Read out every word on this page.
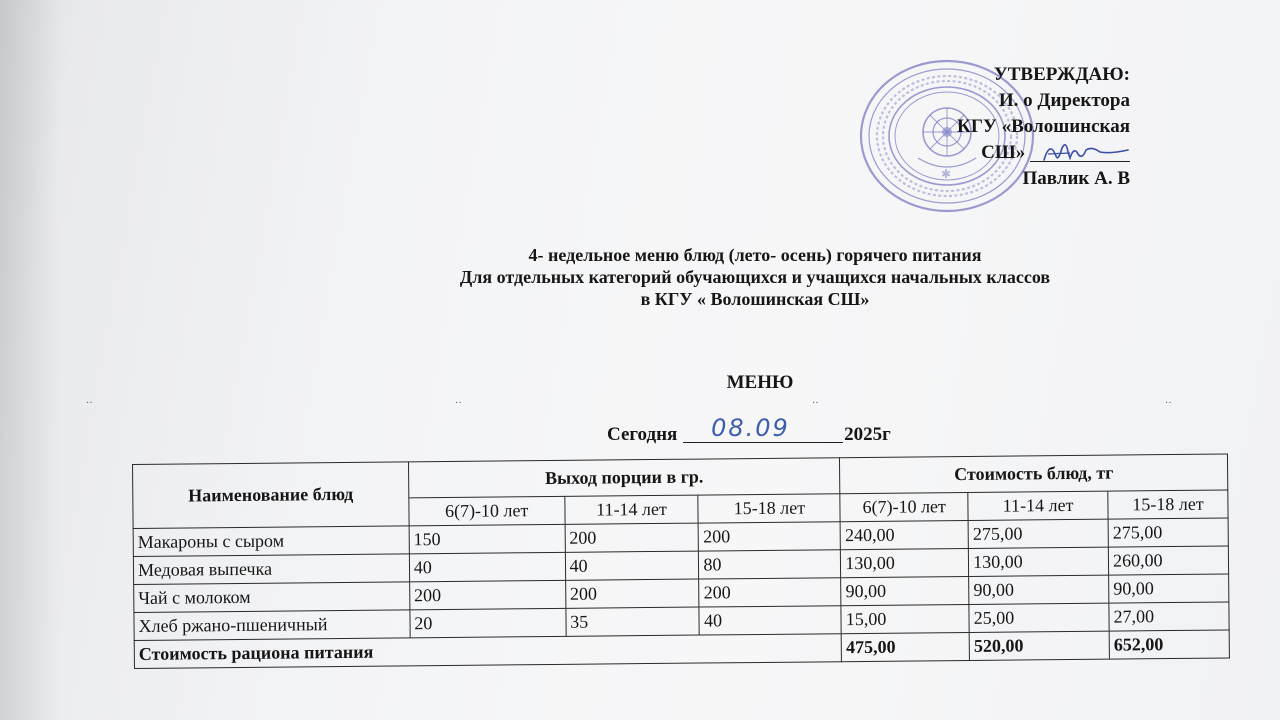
✱
УТВЕРЖДАЮ:
И. о Директора
КГУ «Волошинская
СШ»
Павлик А. В
4- недельное меню блюд (лето- осень) горячего питания
Для отдельных категорий обучающихся и учащихся начальных классов
в КГУ « Волошинская СШ»
МЕНЮ
··	··	··	··
Сегодня 08.09	2025г
Наименование блюд	Выход порции в гр.			Стоимость блюд, тг		
	6(7)-10 лет	11-14 лет	15-18 лет	6(7)-10 лет	11-14 лет	15-18 лет
Макароны с сыром	150	200	200	240,00	275,00	275,00
Медовая выпечка	40	40	80	130,00	130,00	260,00
Чай с молоком	200	200	200	90,00	90,00	90,00
Хлеб ржано-пшеничный	20	35	40	15,00	25,00	27,00
Стоимость рациона питания				475,00	520,00	652,00
